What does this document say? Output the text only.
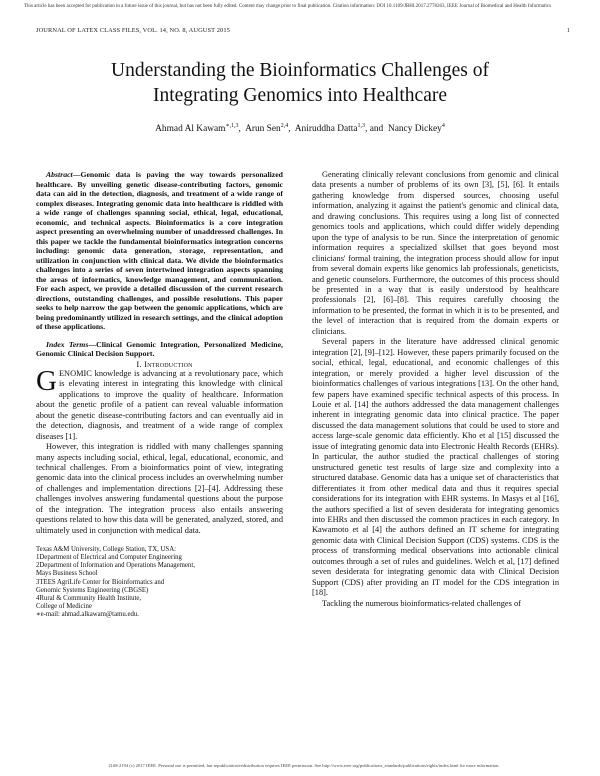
This article has been accepted for publication in a future issue of this journal, but has not been fully edited. Content may change prior to final publication. Citation information: DOI 10.1109/JBHI.2017.2778263, IEEE Journal of Biomedical and Health Informatics
JOURNAL OF LATEX CLASS FILES, VOL. 14, NO. 8, AUGUST 2015	1
Understanding the Bioinformatics Challenges of
Integrating Genomics into Healthcare
Ahmad Al Kawam$^{∗,1,3}$,  Arun Sen$^{2,4}$,  Aniruddha Datta$^{1,3}$, and  Nancy Dickey$^4$

Abstract—Genomic data is paving the way towards personalized healthcare. By unveiling genetic disease-contributing factors, genomic data can aid in the detection, diagnosis, and treatment of a wide range of complex diseases. Integrating genomic data into healthcare is riddled with a wide range of challenges spanning social, ethical, legal, educational, economic, and technical aspects. Bioinformatics is a core integration aspect presenting an overwhelming number of unaddressed challenges. In this paper we tackle the fundamental bioinformatics integration concerns including: genomic data generation, storage, representation, and utilization in conjunction with clinical data. We divide the bioinformatics challenges into a series of seven intertwined integration aspects spanning the areas of informatics, knowledge management, and communication. For each aspect, we provide a detailed discussion of the current research directions, outstanding challenges, and possible resolutions. This paper seeks to help narrow the gap between the genomic applications, which are being predominantly utilized in research settings, and the clinical adoption of these applications.

Index Terms—Clinical Genomic Integration, Personalized Medicine, Genomic Clinical Decision Support.

I. Introduction

GENOMIC knowledge is advancing at a revolutionary pace, which is elevating interest in integrating this knowledge with clinical applications to improve the quality of healthcare. Information about the genetic profile of a patient can reveal valuable information about the genetic disease-contributing factors and can eventually aid in the detection, diagnosis, and treatment of a wide range of complex diseases [1].

However, this integration is riddled with many challenges spanning many aspects including social, ethical, legal, educational, economic, and technical challenges. From a bioinformatics point of view, integrating genomic data into the clinical process includes an overwhelming number of challenges and implementation directions [2]–[4]. Addressing these challenges involves answering fundamental questions about the purpose of the integration. The integration process also entails answering questions related to how this data will be generated, analyzed, stored, and ultimately used in conjunction with medical data.

Texas A&M University, College Station, TX, USA:
1Department of Electrical and Computer Engineering
2Department of Information and Operations Management,
Mays Business School
3TEES AgriLife Center for Bioinformatics and
Genomic Systems Engineering (CBGSE)
4Rural & Community Health Institute,
College of Medicine
∗e-mail: ahmad.alkawam@tamu.edu.

Generating clinically relevant conclusions from genomic and clinical data presents a number of problems of its own [3], [5], [6]. It entails gathering knowledge from dispersed sources, choosing useful information, analyzing it against the patient's genomic and clinical data, and drawing conclusions. This requires using a long list of connected genomics tools and applications, which could differ widely depending upon the type of analysis to be run. Since the interpretation of genomic information requires a specialized skillset that goes beyond most clinicians' formal training, the integration process should allow for input from several domain experts like genomics lab professionals, geneticists, and genetic counselors. Furthermore, the outcomes of this process should be presented in a way that is easily understood by healthcare professionals [2], [6]–[8]. This requires carefully choosing the information to be presented, the format in which it is to be presented, and the level of interaction that is required from the domain experts or clinicians.

Several papers in the literature have addressed clinical genomic integration [2], [9]–[12]. However, these papers primarily focused on the social, ethical, legal, educational, and economic challenges of this integration, or merely provided a higher level discussion of the bioinformatics challenges of various integrations [13]. On the other hand, few papers have examined specific technical aspects of this process. In Louie et al. [14] the authors addressed the data management challenges inherent in integrating genomic data into clinical practice. The paper discussed the data management solutions that could be used to store and access large-scale genomic data efficiently. Kho et al [15] discussed the issue of integrating genomic data into Electronic Health Records (EHRs). In particular, the author studied the practical challenges of storing unstructured genetic test results of large size and complexity into a structured database. Genomic data has a unique set of characteristics that differentiates it from other medical data and thus it requires special considerations for its integration with EHR systems. In Masys et al [16], the authors specified a list of seven desiderata for integrating genomics into EHRs and then discussed the common practices in each category. In Kawamoto et al [4] the authors defined an IT scheme for integrating genomic data with Clinical Decision Support (CDS) systems. CDS is the process of transforming medical observations into actionable clinical outcomes through a set of rules and guidelines. Welch et al, [17] defined seven desiderata for integrating genomic data with Clinical Decision Support (CDS) after providing an IT model for the CDS integration in [18].

Tackling the numerous bioinformatics-related challenges of

2168-2194 (c) 2017 IEEE. Personal use is permitted, but republication/redistribution requires IEEE permission. See http://www.ieee.org/publications_standards/publications/rights/index.html for more information.
